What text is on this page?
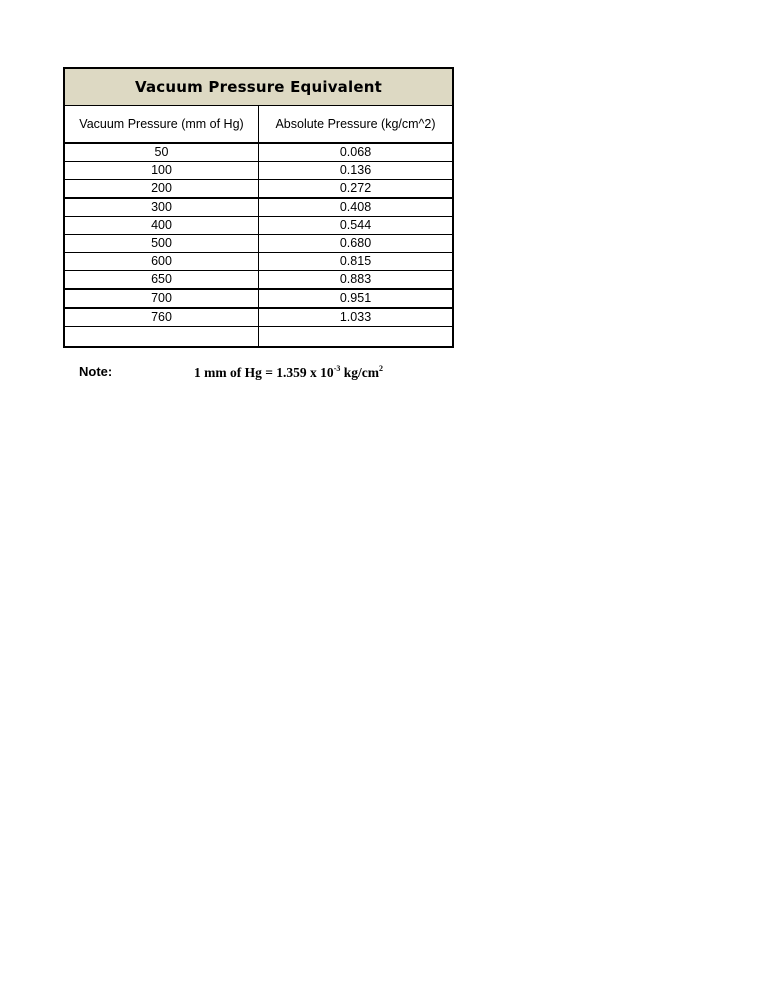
Vacuum Pressure Equivalent	
Vacuum Pressure (mm of Hg)	Absolute Pressure (kg/cm^2)
50	0.068
100	0.136
200	0.272
300	0.408
400	0.544
500	0.680
600	0.815
650	0.883
700	0.951
760	1.033

Note:	1 mm of Hg = 1.359 x $10^{-3}$ $kg/cm^2$
